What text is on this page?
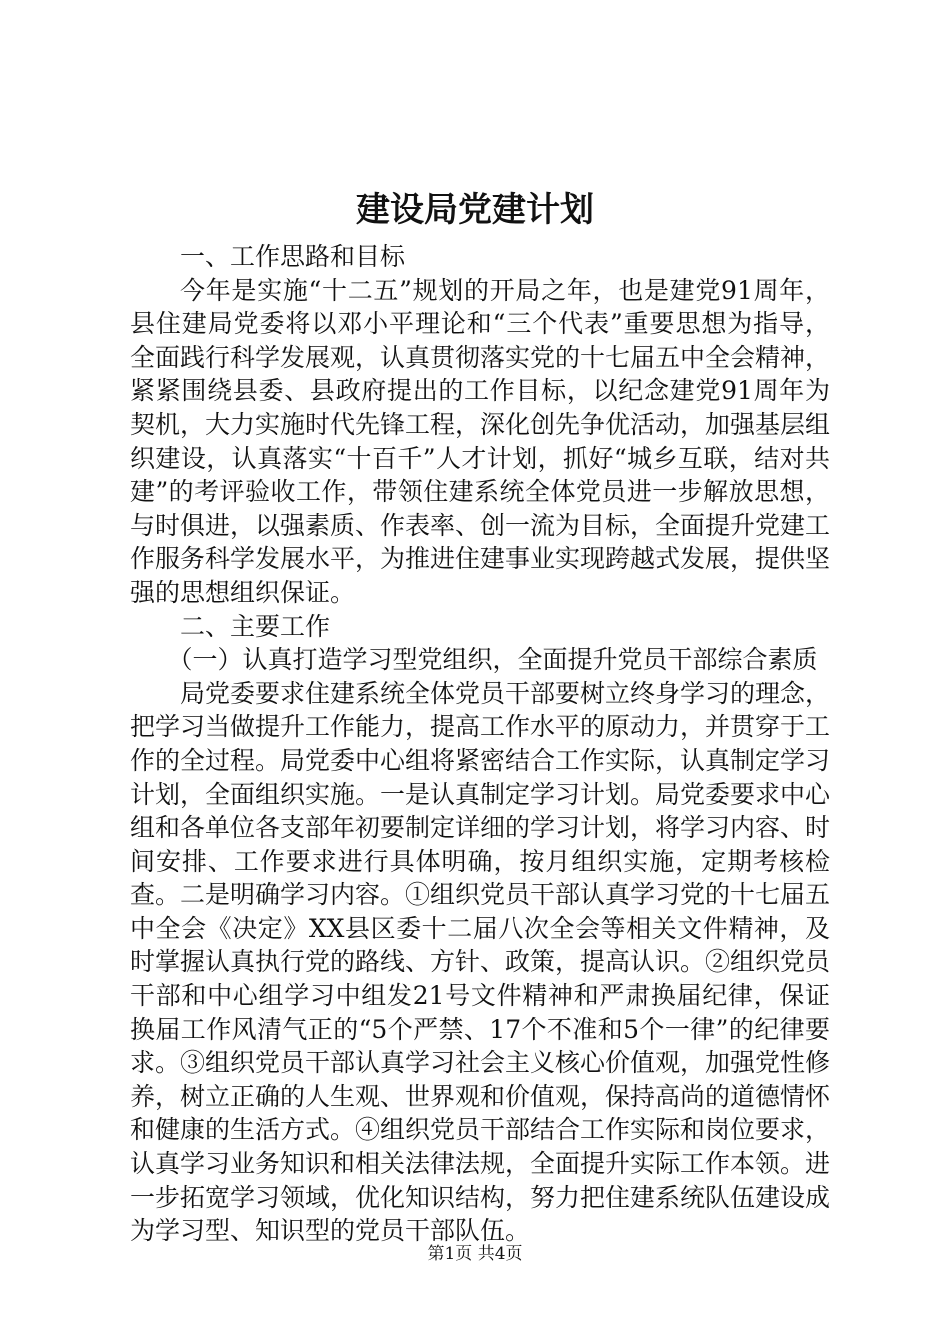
建设局党建计划

一、工作思路和目标

今年是实施“十二五”规划的开局之年，也是建党91周年，县住建局党委将以邓小平理论和“三个代表”重要思想为指导，全面践行科学发展观，认真贯彻落实党的十七届五中全会精神，紧紧围绕县委、县政府提出的工作目标，以纪念建党91周年为契机，大力实施时代先锋工程，深化创先争优活动，加强基层组织建设，认真落实“十百千”人才计划，抓好“城乡互联，结对共建”的考评验收工作，带领住建系统全体党员进一步解放思想，与时俱进，以强素质、作表率、创一流为目标，全面提升党建工作服务科学发展水平，为推进住建事业实现跨越式发展，提供坚强的思想组织保证。

二、主要工作

（一）认真打造学习型党组织，全面提升党员干部综合素质

局党委要求住建系统全体党员干部要树立终身学习的理念，把学习当做提升工作能力，提高工作水平的原动力，并贯穿于工作的全过程。局党委中心组将紧密结合工作实际，认真制定学习计划，全面组织实施。一是认真制定学习计划。局党委要求中心组和各单位各支部年初要制定详细的学习计划，将学习内容、时间安排、工作要求进行具体明确，按月组织实施，定期考核检查。二是明确学习内容。①组织党员干部认真学习党的十七届五中全会《决定》XX县区委十二届八次全会等相关文件精神，及时掌握认真执行党的路线、方针、政策，提高认识。②组织党员干部和中心组学习中组发21号文件精神和严肃换届纪律，保证换届工作风清气正的“5个严禁、17个不准和5个一律”的纪律要求。③组织党员干部认真学习社会主义核心价值观，加强党性修养，树立正确的人生观、世界观和价值观，保持高尚的道德情怀和健康的生活方式。④组织党员干部结合工作实际和岗位要求，认真学习业务知识和相关法律法规，全面提升实际工作本领。进一步拓宽学习领域，优化知识结构，努力把住建系统队伍建设成为学习型、知识型的党员干部队伍。

第1页 共4页
